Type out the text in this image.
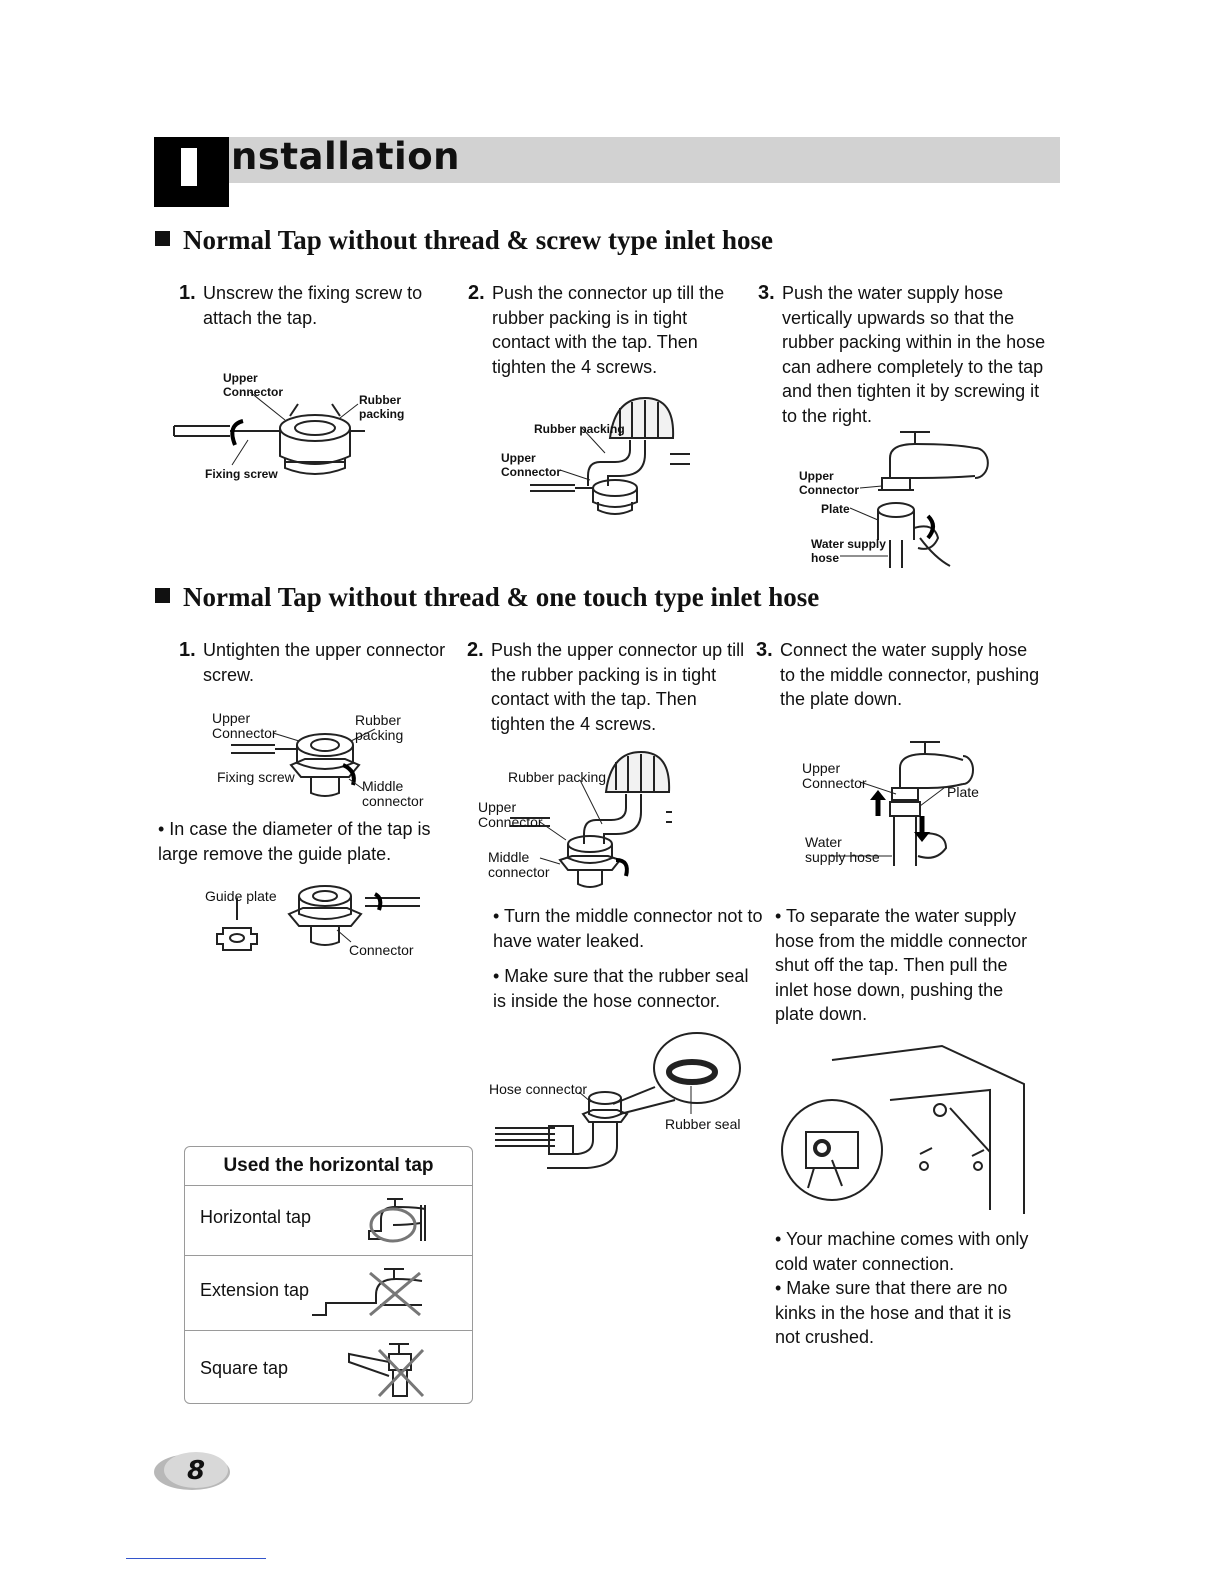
nstallation
Normal Tap without thread & screw type inlet hose
1. Unscrew the fixing screw to attach the tap.
2. Push the connector up till the rubber packing is in tight contact with the tap. Then tighten the 4 screws.
3. Push the water supply hose vertically upwards so that the rubber packing within in the hose can adhere completely to the tap and then tighten it by screwing it to the right.
Upper Connector
Rubber packing
Fixing screw
Rubber packing
Upper Connector	Upper Connector
Plate
Water supply hose
Normal Tap without thread & one touch type inlet hose
1. Untighten the upper connector screw.
2. Push the upper connector up till the rubber packing is in tight contact with the tap. Then tighten the 4 screws.
3. Connect the water supply hose to the middle connector, pushing the plate down.
Upper Connector
Rubber packing
Fixing screw
Middle connector
• In case the diameter of the tap is large remove the guide plate.
Guide plate
Connector
Rubber packing
Upper Connector
Middle connector
Upper Connector
Plate
Water supply hose
• Turn the middle connector not to have water leaked.
• Make sure that the rubber seal is inside the hose connector.
• To separate the water supply hose from the middle connector shut off the tap. Then pull the inlet hose down, pushing the plate down.
Hose connector
Rubber seal
• Your machine comes with only cold water connection.
• Make sure that there are no kinks in the hose and that it is not crushed.
Used the horizontal tap
Horizontal tap
Extension tap
Square tap
8
